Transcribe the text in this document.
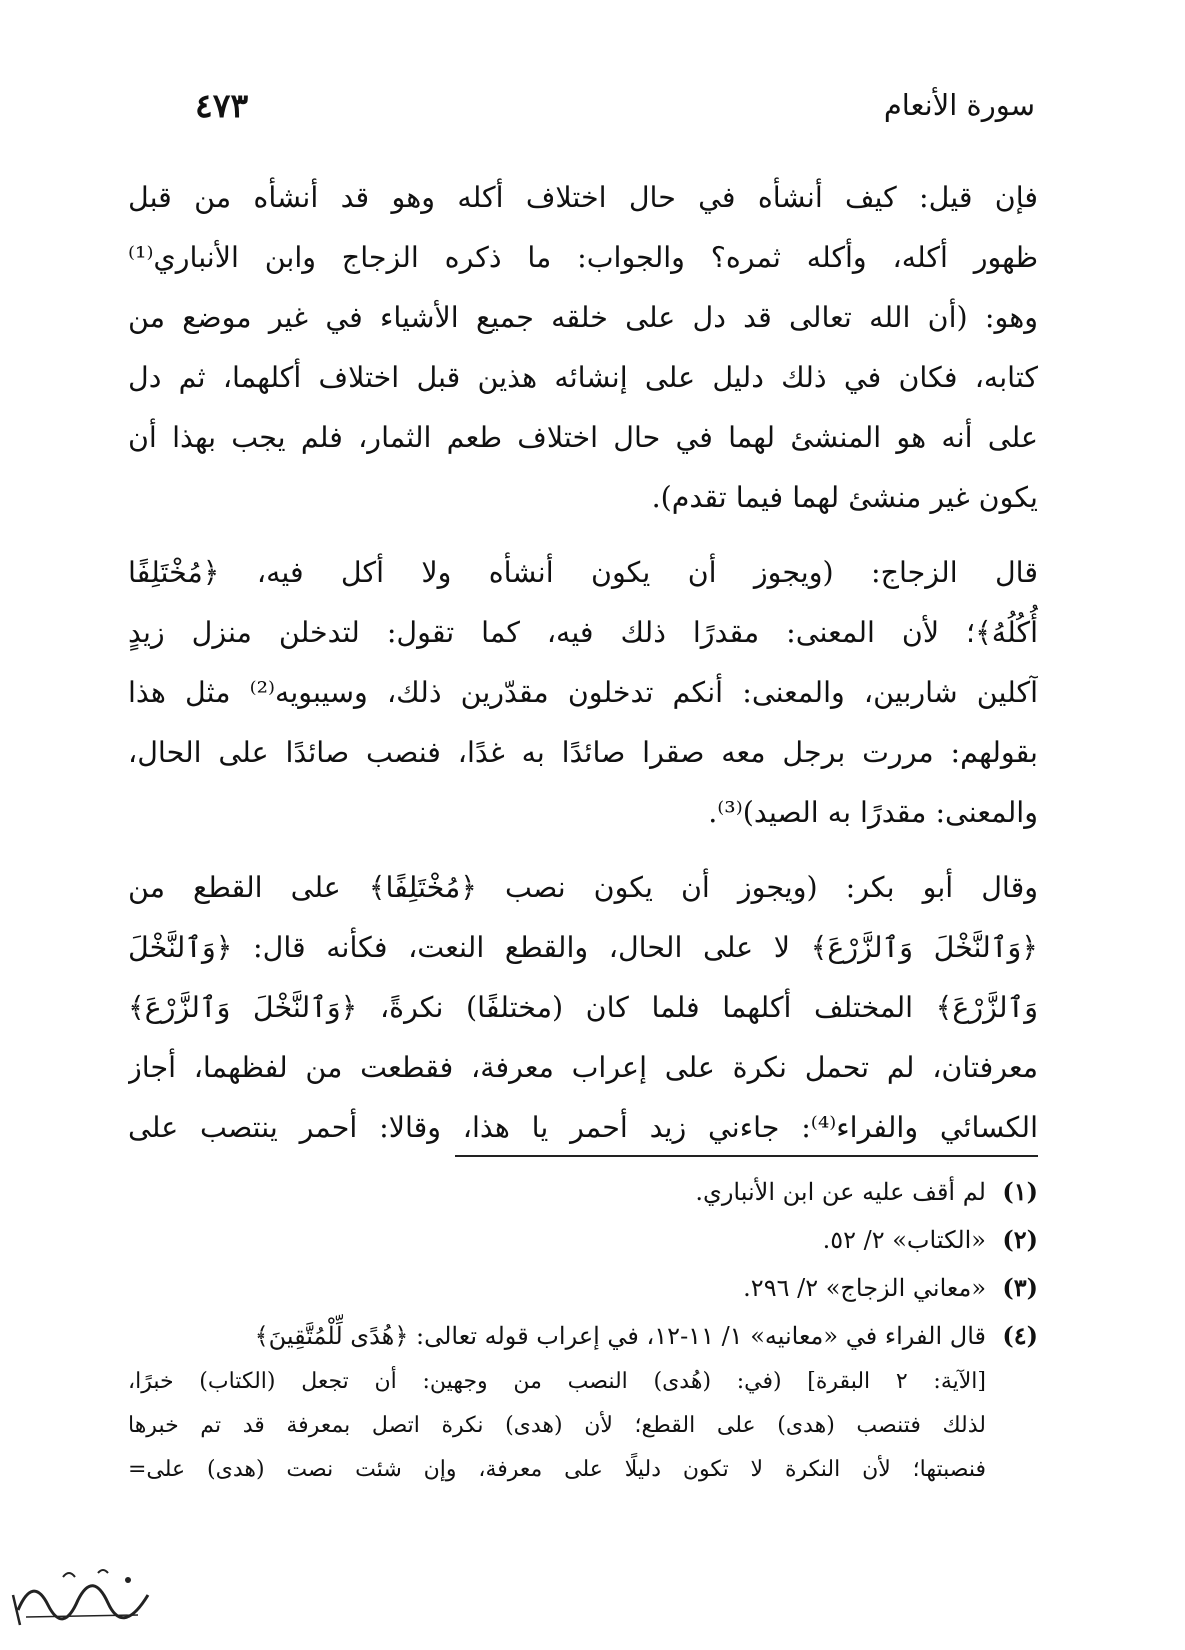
سورة الأنعام
٤٧٣
فإن قيل: كيف أنشأه في حال اختلاف أكله وهو قد أنشأه من قبل
ظهور أكله، وأكله ثمره؟ والجواب: ما ذكره الزجاج وابن الأنباري⁽¹⁾
وهو: (أن الله تعالى قد دل على خلقه جميع الأشياء في غير موضع من
كتابه، فكان في ذلك دليل على إنشائه هذين قبل اختلاف أكلهما، ثم دل
على أنه هو المنشئ لهما في حال اختلاف طعم الثمار، فلم يجب بهذا أن
يكون غير منشئ لهما فيما تقدم).
قال الزجاج: (ويجوز أن يكون أنشأه ولا أكل فيه، ﴿مُخْتَلِفًا
أُكُلُهُ﴾؛ لأن المعنى: مقدرًا ذلك فيه، كما تقول: لتدخلن منزل زيدٍ
آكلين شاربين، والمعنى: أنكم تدخلون مقدّرين ذلك، وسيبويه⁽²⁾ مثل هذا
بقولهم: مررت برجل معه صقرا صائدًا به غدًا، فنصب صائدًا على الحال،
والمعنى: مقدرًا به الصيد)⁽³⁾.
وقال أبو بكر: (ويجوز أن يكون نصب ﴿مُخْتَلِفًا﴾ على القطع من
﴿وَٱلنَّخْلَ وَٱلزَّرْعَ﴾ لا على الحال، والقطع النعت، فكأنه قال: ﴿وَٱلنَّخْلَ
وَٱلزَّرْعَ﴾ المختلف أكلهما فلما كان (مختلفًا) نكرةً، ﴿وَٱلنَّخْلَ وَٱلزَّرْعَ﴾
معرفتان، لم تحمل نكرة على إعراب معرفة، فقطعت من لفظهما، أجاز
الكسائي والفراء⁽⁴⁾: جاءني زيد أحمر يا هذا، وقالا: أحمر ينتصب على
(١)لم أقف عليه عن ابن الأنباري.
(٢)«الكتاب» ٢/ ٥٢.
(٣)«معاني الزجاج» ٢/ ٢٩٦.
(٤)قال الفراء في «معانيه» ١/ ١١-١٢، في إعراب قوله تعالى: ﴿هُدًى لِّلْمُتَّقِينَ﴾
[الآية: ٢ البقرة] (في: (هُدى) النصب من وجهين: أن تجعل (الكتاب) خبرًا،
لذلك فتنصب (هدى) على القطع؛ لأن (هدى) نكرة اتصل بمعرفة قد تم خبرها
فنصبتها؛ لأن النكرة لا تكون دليلًا على معرفة، وإن شئت نصت (هدى) على=
